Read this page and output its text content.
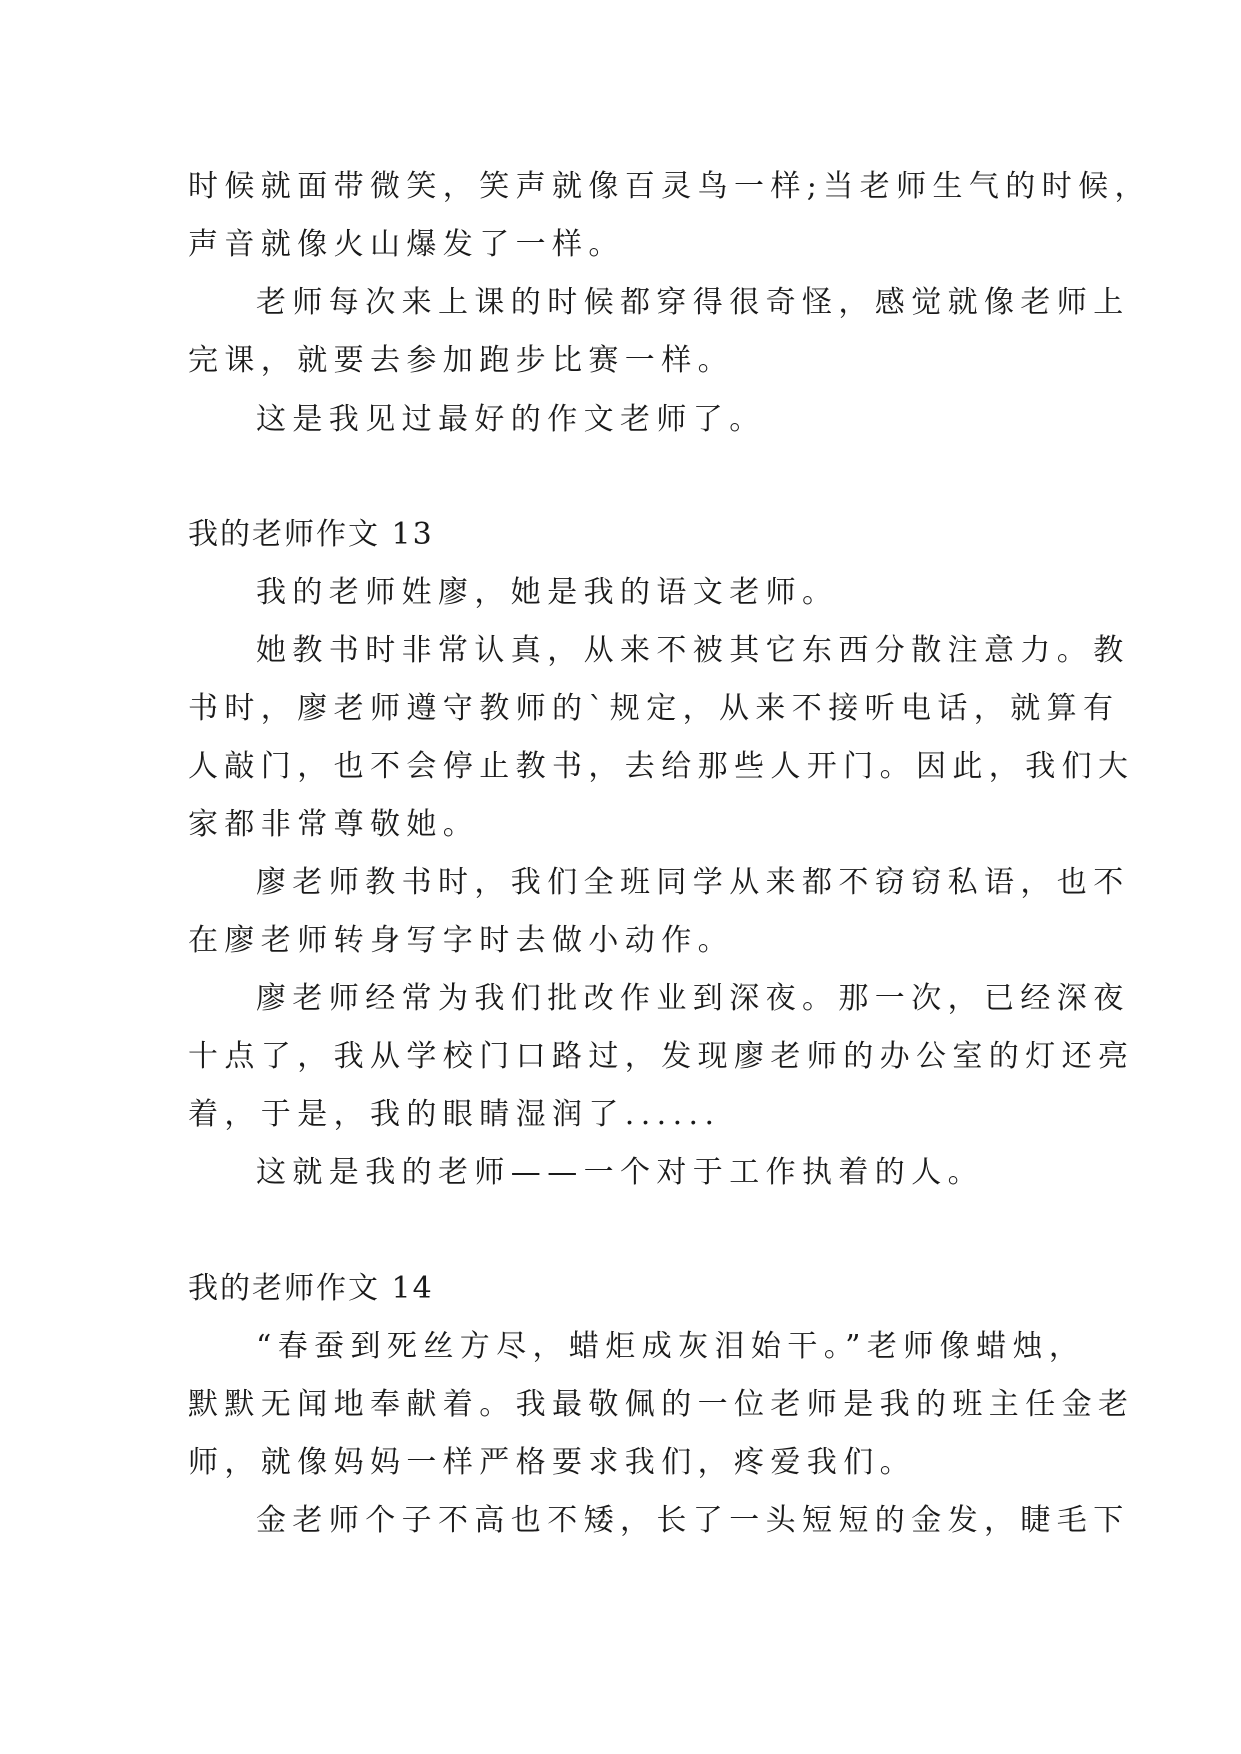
时候就面带微笑，笑声就像百灵鸟一样;当老师生气的时候，
声音就像火山爆发了一样。
老师每次来上课的时候都穿得很奇怪，感觉就像老师上
完课，就要去参加跑步比赛一样。
这是我见过最好的作文老师了。
我的老师作文 13
我的老师姓廖，她是我的语文老师。
她教书时非常认真，从来不被其它东西分散注意力。教
书时，廖老师遵守教师的`规定，从来不接听电话，就算有
人敲门，也不会停止教书，去给那些人开门。因此，我们大
家都非常尊敬她。
廖老师教书时，我们全班同学从来都不窃窃私语，也不
在廖老师转身写字时去做小动作。
廖老师经常为我们批改作业到深夜。那一次，已经深夜
十点了，我从学校门口路过，发现廖老师的办公室的灯还亮
着，于是，我的眼睛湿润了......
这就是我的老师——一个对于工作执着的人。
我的老师作文 14
“春蚕到死丝方尽，蜡炬成灰泪始干。”老师像蜡烛，
默默无闻地奉献着。我最敬佩的一位老师是我的班主任金老
师，就像妈妈一样严格要求我们，疼爱我们。
金老师个子不高也不矮，长了一头短短的金发，睫毛下
